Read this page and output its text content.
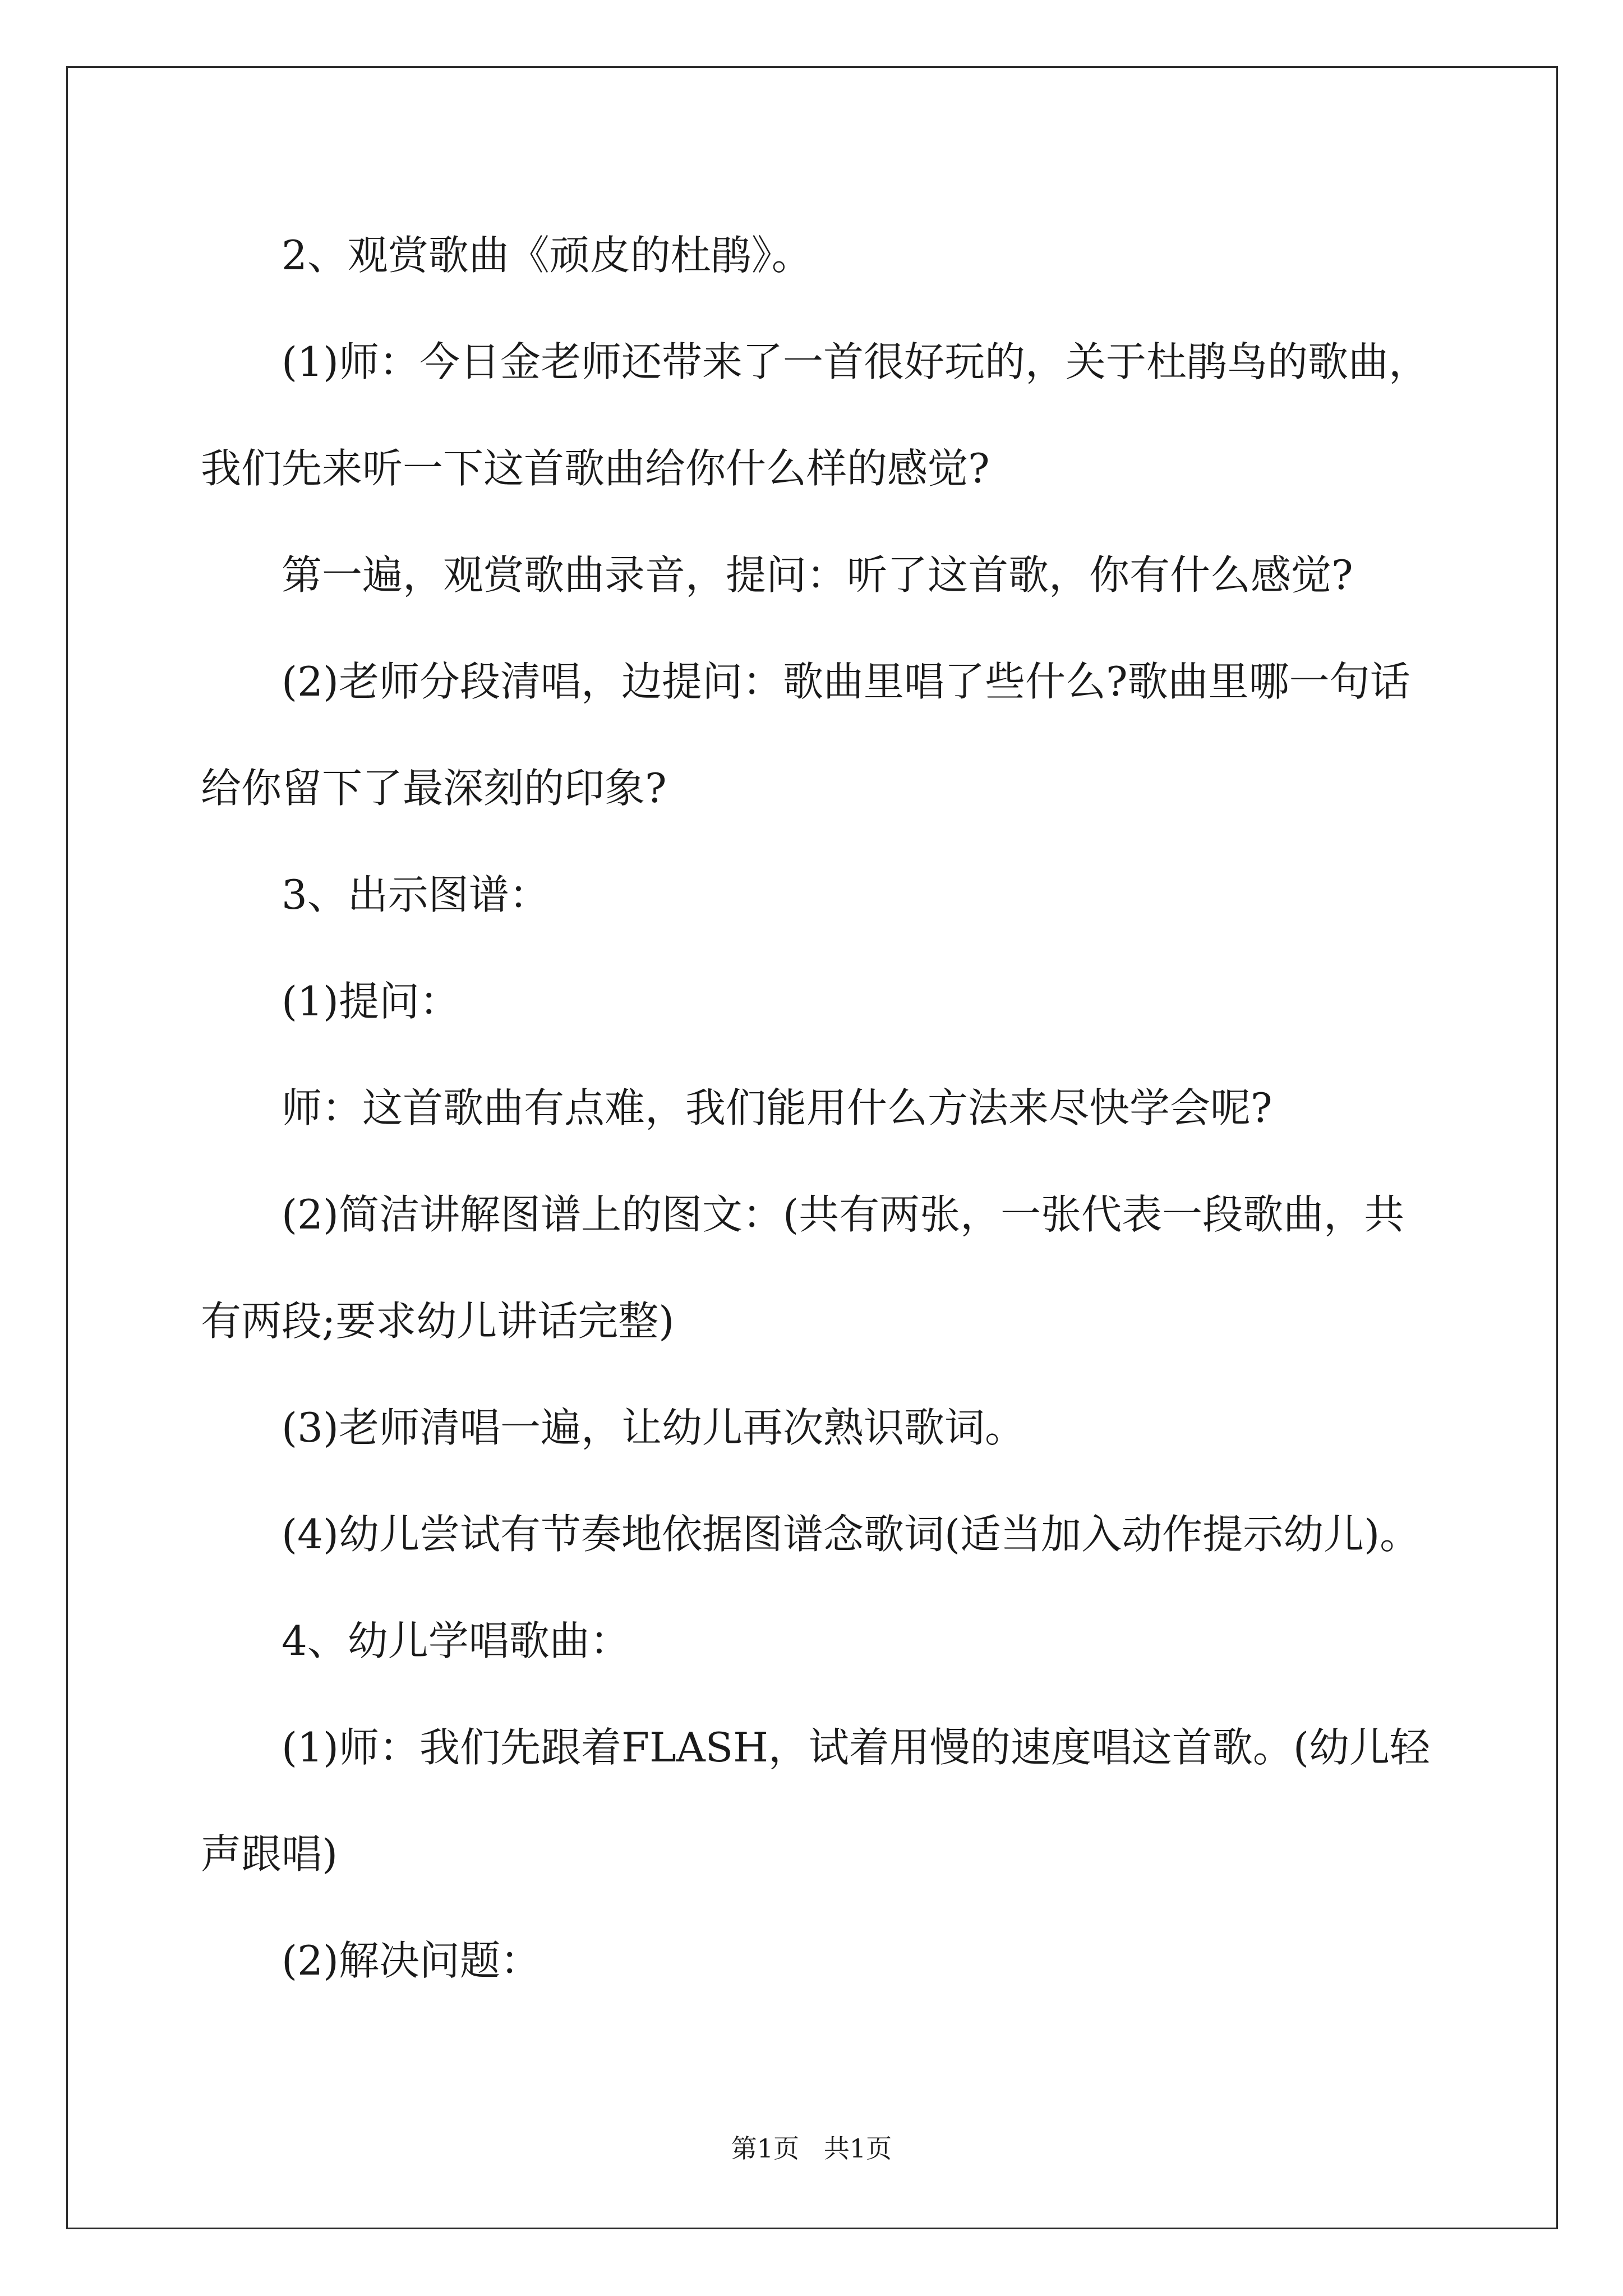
2、观赏歌曲《顽皮的杜鹃》。

(1)师：今日金老师还带来了一首很好玩的，关于杜鹃鸟的歌曲，

我们先来听一下这首歌曲给你什么样的感觉?

第一遍，观赏歌曲录音，提问：听了这首歌，你有什么感觉?

(2)老师分段清唱，边提问：歌曲里唱了些什么?歌曲里哪一句话

给你留下了最深刻的印象?

3、出示图谱：

(1)提问：

师：这首歌曲有点难，我们能用什么方法来尽快学会呢?

(2)简洁讲解图谱上的图文：(共有两张，一张代表一段歌曲，共

有两段;要求幼儿讲话完整)

(3)老师清唱一遍，让幼儿再次熟识歌词。

(4)幼儿尝试有节奏地依据图谱念歌词(适当加入动作提示幼儿)。

4、幼儿学唱歌曲：

(1)师：我们先跟着FLASH，试着用慢的速度唱这首歌。(幼儿轻

声跟唱)

(2)解决问题：

第1页   共1页
